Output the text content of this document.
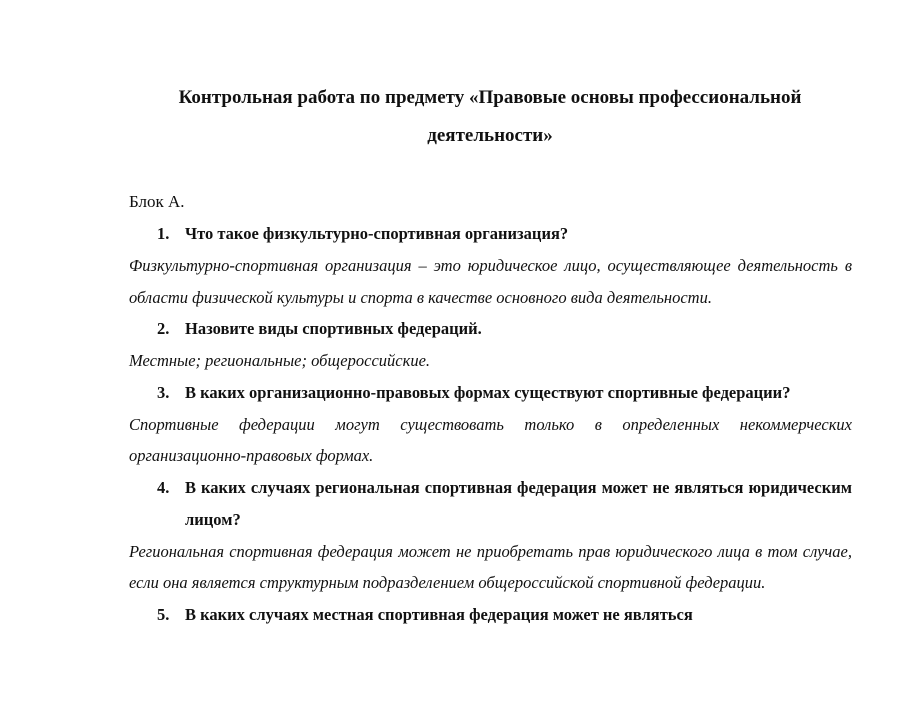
Контрольная работа по предмету «Правовые основы профессиональной
деятельности»
Блок А.
1. Что такое физкультурно-спортивная организация?
Физкультурно-спортивная организация – это юридическое лицо, осуществляющее деятельность в области физической культуры и спорта в качестве основного вида деятельности.
2. Назовите виды спортивных федераций.
Местные; региональные; общероссийские.
3. В каких организационно-правовых формах существуют спортивные федерации?
Спортивные федерации могут существовать только в определенных некоммерческих организационно-правовых формах.
4. В каких случаях региональная спортивная федерация может не являться юридическим лицом?
Региональная спортивная федерация может не приобретать прав юридического лица в том случае, если она является структурным подразделением общероссийской спортивной федерации.
5. В каких случаях местная спортивная федерация может не являться
